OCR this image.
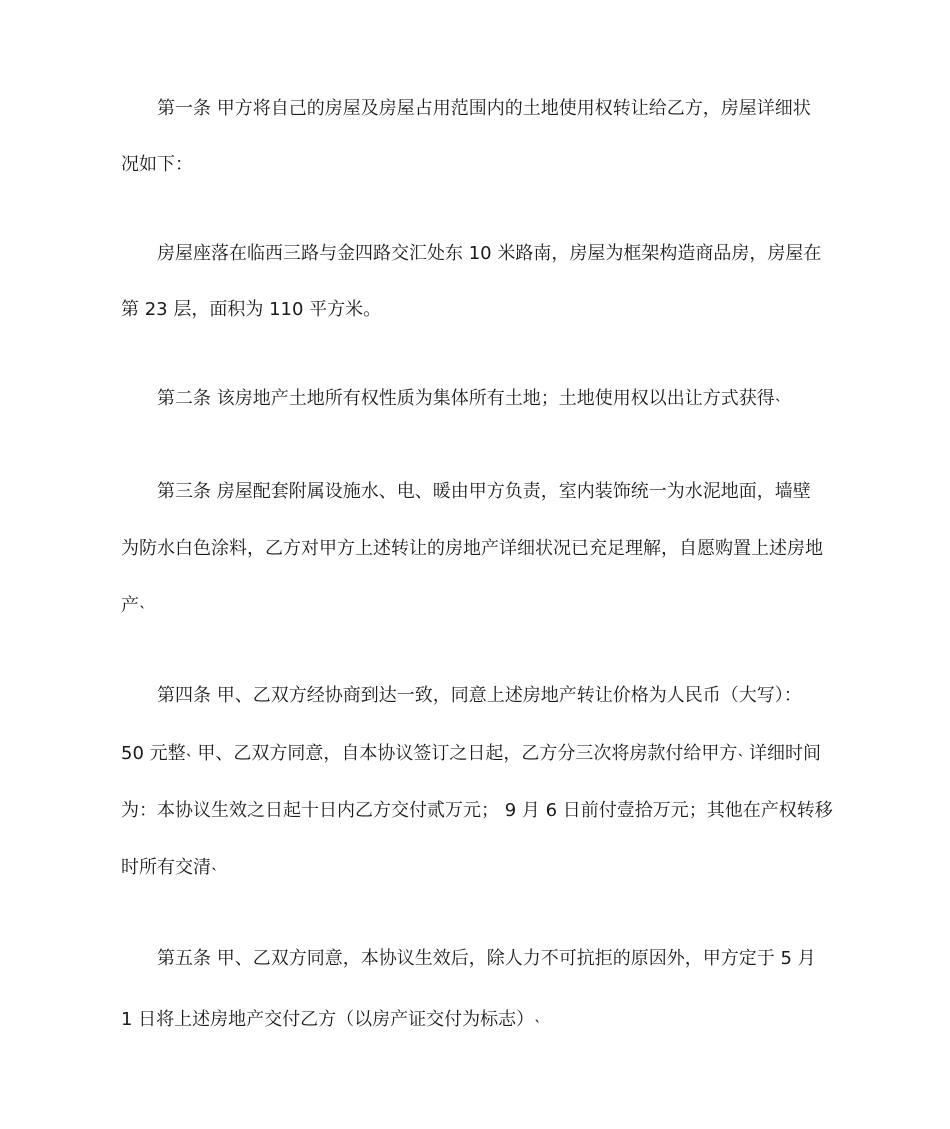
第一条 甲方将自己的房屋及房屋占用范围内的土地使用权转让给乙方，房屋详细状
况如下：
房屋座落在临西三路与金四路交汇处东 10 米路南，房屋为框架构造商品房，房屋在
第 23 层，面积为 110 平方米。
第二条 该房地产土地所有权性质为集体所有土地；土地使用权以出让方式获得˴
第三条 房屋配套附属设施水、电、暖由甲方负责，室内装饰统一为水泥地面，墙壁
为防水白色涂料，乙方对甲方上述转让的房地产详细状况已充足理解，自愿购置上述房地
产˴
第四条 甲、乙双方经协商到达一致，同意上述房地产转让价格为人民币（大写）：
50 元整˴ 甲、乙双方同意，自本协议签订之日起，乙方分三次将房款付给甲方˴ 详细时间
为：本协议生效之日起十日内乙方交付贰万元； 9 月 6 日前付壹拾万元；其他在产权转移
时所有交清˴
第五条 甲、乙双方同意，本协议生效后，除人力不可抗拒的原因外，甲方定于 5 月
1 日将上述房地产交付乙方（以房产证交付为标志）˴
